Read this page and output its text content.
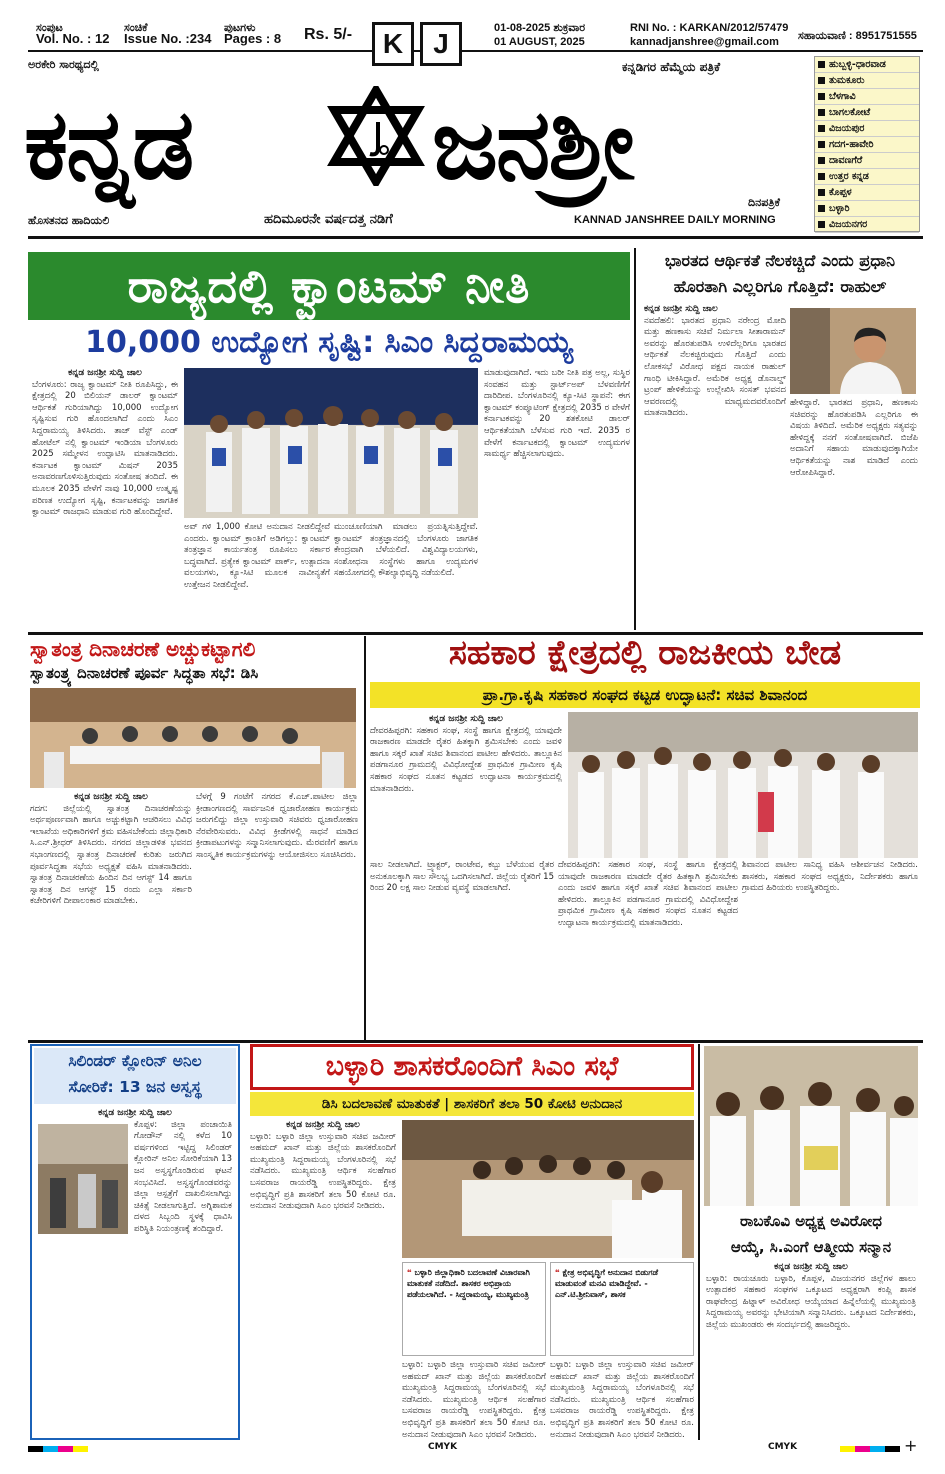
ಸಂಪುಟ
Vol. No. : 12
ಸಂಚಿಕೆ
Issue No. :234
ಪುಟಗಳು
Pages : 8 Rs. 5/-	01-08-2025 ಶುಕ್ರವಾರ
01 AUGUST, 2025
RNI No. : KARKAN/2012/57479
kannadjanshree@gmail.com ಸಹಾಯವಾಣಿ : 8951751555
K	J
ಅರಕೇರಿ ಸಾರಥ್ಯದಲ್ಲಿ	ಕನ್ನಡಿಗರ ಹೆಮ್ಮೆಯ ಪತ್ರಿಕೆ
ಕನ್ನಡ ಜನಶ್ರೀ
ದಿನಪತ್ರಿಕೆ
ಹೊಸತನದ ಹಾದಿಯಲಿ	ಹದಿಮೂರನೇ ವರ್ಷದತ್ತ ನಡಿಗೆ	KANNAD JANSHREE DAILY MORNING
ಹುಬ್ಬಳ್ಳಿ-ಧಾರವಾಡ
ತುಮಕೂರು
ಬೆಳಗಾವಿ
ಬಾಗಲಕೋಟೆ
ವಿಜಯಪುರ
ಗದಗ-ಹಾವೇರಿ
ದಾವಣಗೆರೆ
ಉತ್ತರ ಕನ್ನಡ
ಕೊಪ್ಪಳ
ಬಳ್ಳಾರಿ
ವಿಜಯನಗರ
ರಾಜ್ಯದಲ್ಲಿ ಕ್ವಾಂಟಮ್ ನೀತಿ
10,000 ಉದ್ಯೋಗ ಸೃಷ್ಟಿ: ಸಿಎಂ ಸಿದ್ದರಾಮಯ್ಯ
ಕನ್ನಡ ಜನಶ್ರೀ ಸುದ್ದಿ ಜಾಲ
ಬೆಂಗಳೂರು: ರಾಜ್ಯ ಕ್ವಾಂಟಮ್ ನೀತಿ ರೂಪಿಸಿದ್ದು, ಈ ಕ್ಷೇತ್ರದಲ್ಲಿ 20 ಬಿಲಿಯನ್ ಡಾಲರ್ ಕ್ವಾಂಟಮ್ ಆರ್ಥಿಕತೆ ಗುರಿಯಾಗಿದ್ದು 10,000 ಉದ್ಯೋಗ ಸೃಷ್ಟಿಸುವ ಗುರಿ ಹೊಂದಲಾಗಿದೆ ಎಂದು ಸಿಎಂ ಸಿದ್ದರಾಮಯ್ಯ ತಿಳಿಸಿದರು. ತಾಜ್ ವೆಸ್ಟ್ ಎಂಡ್ ಹೋಟೆಲ್ ನಲ್ಲಿ ಕ್ವಾಂಟಮ್ ಇಂಡಿಯಾ ಬೆಂಗಳೂರು 2025 ಸಮ್ಮೇಳನ ಉದ್ಘಾಟಿಸಿ ಮಾತನಾಡಿದರು. ಕರ್ನಾಟಕ ಕ್ವಾಂಟಮ್ ಮಿಷನ್ 2035 ಅನಾವರಣಗೊಳಿಸುತ್ತಿರುವುದು ಸಂತೋಷ ತಂದಿದೆ. ಈ ಮೂಲಕ 2035 ವೇಳೆಗೆ ನಾವು 10,000 ಉತ್ಕೃಷ್ಟ ಪರಿಣತ ಉದ್ಯೋಗ ಸೃಷ್ಟಿ, ಕರ್ನಾಟಕವನ್ನು ಜಾಗತಿಕ ಕ್ವಾಂಟಮ್ ರಾಜಧಾನಿ ಮಾಡುವ ಗುರಿ ಹೊಂದಿದ್ದೇವೆ.
ಅವ್ ಗಳಿ 1,000 ಕೋಟಿ ಅನುದಾನ ನೀಡಲಿದ್ದೇವೆ ಎಂದರು. ಕ್ವಾಂಟಮ್ ಕ್ರಾಂತಿಗೆ ಅಡಿಗಲ್ಲು: ಕ್ವಾಂಟಮ್ ತಂತ್ರಜ್ಞಾನ ಕಾರ್ಯತಂತ್ರ ರೂಪಿಸಲು ಸರ್ಕಾರ ಬದ್ಧವಾಗಿದೆ. ಪ್ರತ್ಯೇಕ ಕ್ವಾಂಟಮ್ ಪಾರ್ಕ್, ಉತ್ಪಾದನಾ ವಲಯಗಳು, ಕ್ಯೂ-ಸಿಟಿ ಮೂಲಕ ನಾವೀನ್ಯತೆಗೆ ಉತ್ತೇಜನ ನೀಡಲಿದ್ದೇವೆ.
ಮುಂಚೂಣಿಯಾಗಿ ಮಾಡಲು ಪ್ರಯತ್ನಿಸುತ್ತಿದ್ದೇವೆ. ಕ್ವಾಂಟಮ್ ತಂತ್ರಜ್ಞಾನದಲ್ಲಿ ಬೆಂಗಳೂರು ಜಾಗತಿಕ ಕೇಂದ್ರವಾಗಿ ಬೆಳೆಯಲಿದೆ. ವಿಶ್ವವಿದ್ಯಾಲಯಗಳು, ಸಂಶೋಧನಾ ಸಂಸ್ಥೆಗಳು ಹಾಗೂ ಉದ್ಯಮಗಳ ಸಹಯೋಗದಲ್ಲಿ ಕೌಶಲ್ಯಾಭಿವೃದ್ಧಿ ನಡೆಯಲಿದೆ.
ಮಾಡುವುದಾಗಿದೆ. ಇದು ಬರೀ ನೀತಿ ಪತ್ರ ಅಲ್ಲ, ಸುಸ್ಥಿರ ಸಂವಹನ ಮತ್ತು ಸ್ಟಾರ್ಟ್ಅಪ್ ಬೆಳವಣಿಗೆಗೆ ದಾರಿದೀಪ. ಬೆಂಗಳೂರಿನಲ್ಲಿ ಕ್ಯೂ-ಸಿಟಿ ಸ್ಥಾಪನೆ: ಈಗ ಕ್ವಾಂಟಮ್ ಕಂಪ್ಯೂಟಿಂಗ್ ಕ್ಷೇತ್ರದಲ್ಲಿ 2035 ರ ವೇಳೆಗೆ ಕರ್ನಾಟಕವನ್ನು 20 ಶತಕೋಟಿ ಡಾಲರ್ ಆರ್ಥಿಕತೆಯಾಗಿ ಬೆಳೆಸುವ ಗುರಿ ಇದೆ. 2035 ರ ವೇಳೆಗೆ ಕರ್ನಾಟಕದಲ್ಲಿ ಕ್ವಾಂಟಮ್ ಉದ್ಯಮಗಳ ಸಾಮರ್ಥ್ಯ ಹೆಚ್ಚಿಸಲಾಗುವುದು.
ಭಾರತದ ಆರ್ಥಿಕತೆ ನೆಲಕಚ್ಚಿದೆ ಎಂದು ಪ್ರಧಾನಿ ಹೊರತಾಗಿ ಎಲ್ಲರಿಗೂ ಗೊತ್ತಿದೆ: ರಾಹುಲ್
ಕನ್ನಡ ಜನಶ್ರೀ ಸುದ್ದಿ ಜಾಲ
ನವದೆಹಲಿ: ಭಾರತದ ಪ್ರಧಾನಿ ನರೇಂದ್ರ ಮೋದಿ ಮತ್ತು ಹಣಕಾಸು ಸಚಿವೆ ನಿರ್ಮಲಾ ಸೀತಾರಾಮನ್ ಅವರನ್ನು ಹೊರತುಪಡಿಸಿ ಉಳಿದೆಲ್ಲರಿಗೂ ಭಾರತದ ಆರ್ಥಿಕತೆ ನೆಲಕಚ್ಚಿರುವುದು ಗೊತ್ತಿದೆ ಎಂದು ಲೋಕಸಭೆ ವಿರೋಧ ಪಕ್ಷದ ನಾಯಕ ರಾಹುಲ್ ಗಾಂಧಿ ಟೀಕಿಸಿದ್ದಾರೆ. ಅಮೆರಿಕ ಅಧ್ಯಕ್ಷ ಡೊನಾಲ್ಡ್ ಟ್ರಂಪ್ ಹೇಳಿಕೆಯನ್ನು ಉಲ್ಲೇಖಿಸಿ ಸಂಸತ್ ಭವನದ ಆವರಣದಲ್ಲಿ ಮಾಧ್ಯಮದವರೊಂದಿಗೆ ಮಾತನಾಡಿದರು.
ಹೇಳಿದ್ದಾರೆ. ಭಾರತದ ಪ್ರಧಾನಿ, ಹಣಕಾಸು ಸಚಿವರನ್ನು ಹೊರತುಪಡಿಸಿ ಎಲ್ಲರಿಗೂ ಈ ವಿಷಯ ತಿಳಿದಿದೆ. ಅಮೆರಿಕ ಅಧ್ಯಕ್ಷರು ಸತ್ಯವನ್ನು ಹೇಳಿದ್ದಕ್ಕೆ ನನಗೆ ಸಂತೋಷವಾಗಿದೆ. ಬಿಜೆಪಿ ಅದಾನಿಗೆ ಸಹಾಯ ಮಾಡುವುದಕ್ಕಾಗಿಯೇ ಆರ್ಥಿಕತೆಯನ್ನು ನಾಶ ಮಾಡಿದೆ ಎಂದು ಆರೋಪಿಸಿದ್ದಾರೆ.
ಸ್ವಾತಂತ್ರ ದಿನಾಚರಣೆ ಅಚ್ಚುಕಟ್ಟಾಗಲಿ
ಸ್ವಾತಂತ್ರ್ಯ ದಿನಾಚರಣೆ ಪೂರ್ವ ಸಿದ್ಧತಾ ಸಭೆ: ಡಿಸಿ
ಕನ್ನಡ ಜನಶ್ರೀ ಸುದ್ದಿ ಜಾಲ
ಗದಗ: ಜಿಲ್ಲೆಯಲ್ಲಿ ಸ್ವಾತಂತ್ರ ದಿನಾಚರಣೆಯನ್ನು ಅರ್ಥಪೂರ್ಣವಾಗಿ ಹಾಗೂ ಅಚ್ಚುಕಟ್ಟಾಗಿ ಆಚರಿಸಲು ವಿವಿಧ ಇಲಾಖೆಯ ಅಧಿಕಾರಿಗಳಿಗೆ ಕ್ರಮ ವಹಿಸಬೇಕೆಂದು ಜಿಲ್ಲಾಧಿಕಾರಿ ಸಿ.ಎನ್.ಶ್ರೀಧರ್ ತಿಳಿಸಿದರು. ನಗರದ ಜಿಲ್ಲಾಡಳಿತ ಭವನದ ಸಭಾಂಗಣದಲ್ಲಿ ಸ್ವಾತಂತ್ರ ದಿನಾಚರಣೆ ಕುರಿತು ಜರುಗಿದ ಪೂರ್ವಸಿದ್ಧತಾ ಸಭೆಯ ಅಧ್ಯಕ್ಷತೆ ವಹಿಸಿ ಮಾತನಾಡಿದರು. ಸ್ವಾತಂತ್ರ ದಿನಾಚರಣೆಯ ಹಿಂದಿನ ದಿನ ಆಗಸ್ಟ್ 14 ಹಾಗೂ ಸ್ವಾತಂತ್ರ ದಿನ ಆಗಸ್ಟ್ 15 ರಂದು ಎಲ್ಲಾ ಸರ್ಕಾರಿ ಕಚೇರಿಗಳಿಗೆ ದೀಪಾಲಂಕಾರ ಮಾಡಬೇಕು.
ಬೆಳಗ್ಗೆ 9 ಗಂಟೆಗೆ ನಗರದ ಕೆ.ಎಚ್.ಪಾಟೀಲ ಜಿಲ್ಲಾ ಕ್ರೀಡಾಂಗಣದಲ್ಲಿ ಸಾರ್ವಜನಿಕ ಧ್ವಜಾರೋಹಣ ಕಾರ್ಯಕ್ರಮ ಜರುಗಲಿದ್ದು ಜಿಲ್ಲಾ ಉಸ್ತುವಾರಿ ಸಚಿವರು ಧ್ವಜಾರೋಹಣ ನೆರವೇರಿಸುವರು. ವಿವಿಧ ಕ್ರೀಡೆಗಳಲ್ಲಿ ಸಾಧನೆ ಮಾಡಿದ ಕ್ರೀಡಾಪಟುಗಳನ್ನು ಸನ್ಮಾನಿಸಲಾಗುವುದು. ಮೆರವಣಿಗೆ ಹಾಗೂ ಸಾಂಸ್ಕೃತಿಕ ಕಾರ್ಯಕ್ರಮಗಳನ್ನು ಆಯೋಜಿಸಲು ಸೂಚಿಸಿದರು.
ಸಹಕಾರ ಕ್ಷೇತ್ರದಲ್ಲಿ ರಾಜಕೀಯ ಬೇಡ
ಪ್ರಾ.ಗ್ರಾ.ಕೃಷಿ ಸಹಕಾರ ಸಂಘದ ಕಟ್ಟಡ ಉದ್ಘಾಟನೆ: ಸಚಿವ ಶಿವಾನಂದ
ಕನ್ನಡ ಜನಶ್ರೀ ಸುದ್ದಿ ಜಾಲ
ದೇವರಹಿಪ್ಪರಗಿ: ಸಹಕಾರ ಸಂಘ, ಸಂಸ್ಥೆ ಹಾಗೂ ಕ್ಷೇತ್ರದಲ್ಲಿ ಯಾವುದೇ ರಾಜಕಾರಣ ಮಾಡದೇ ರೈತರ ಹಿತಕ್ಕಾಗಿ ಶ್ರಮಿಸಬೇಕು ಎಂದು ಜವಳಿ ಹಾಗೂ ಸಕ್ಕರೆ ಖಾತೆ ಸಚಿವ ಶಿವಾನಂದ ಪಾಟೀಲ ಹೇಳಿದರು. ತಾಲ್ಲೂಕಿನ ಪಡಗಾನೂರ ಗ್ರಾಮದಲ್ಲಿ ವಿವಿಧೋದ್ದೇಶ ಪ್ರಾಥಮಿಕ ಗ್ರಾಮೀಣ ಕೃಷಿ ಸಹಕಾರ ಸಂಘದ ನೂತನ ಕಟ್ಟಡದ ಉದ್ಘಾಟನಾ ಕಾರ್ಯಕ್ರಮದಲ್ಲಿ ಮಾತನಾಡಿದರು.
ಸಾಲ ನೀಡಲಾಗಿದೆ. ಟ್ರ್ಯಾಕ್ಟರ್, ರಾಂಟೇವ, ಕಬ್ಬು ಬೆಳೆಯುವ ರೈತರ ಅನುಕೂಲಕ್ಕಾಗಿ ಸಾಲ ಸೌಲಭ್ಯ ಒದಗಿಸಲಾಗಿದೆ. ಜಿಲ್ಲೆಯ ರೈತರಿಗೆ 15 ರಿಂದ 20 ಲಕ್ಷ ಸಾಲ ನೀಡುವ ವ್ಯವಸ್ಥೆ ಮಾಡಲಾಗಿದೆ.
ದೇವರಹಿಪ್ಪರಗಿ: ಸಹಕಾರ ಸಂಘ, ಸಂಸ್ಥೆ ಹಾಗೂ ಕ್ಷೇತ್ರದಲ್ಲಿ ಯಾವುದೇ ರಾಜಕಾರಣ ಮಾಡದೇ ರೈತರ ಹಿತಕ್ಕಾಗಿ ಶ್ರಮಿಸಬೇಕು ಎಂದು ಜವಳಿ ಹಾಗೂ ಸಕ್ಕರೆ ಖಾತೆ ಸಚಿವ ಶಿವಾನಂದ ಪಾಟೀಲ ಹೇಳಿದರು. ತಾಲ್ಲೂಕಿನ ಪಡಗಾನೂರ ಗ್ರಾಮದಲ್ಲಿ ವಿವಿಧೋದ್ದೇಶ ಪ್ರಾಥಮಿಕ ಗ್ರಾಮೀಣ ಕೃಷಿ ಸಹಕಾರ ಸಂಘದ ನೂತನ ಕಟ್ಟಡದ ಉದ್ಘಾಟನಾ ಕಾರ್ಯಕ್ರಮದಲ್ಲಿ ಮಾತನಾಡಿದರು.
ಶಿವಾನಂದ ಪಾಟೀಲ ಸಾನಿಧ್ಯ ವಹಿಸಿ ಆಶೀರ್ವಚನ ನೀಡಿದರು. ಶಾಸಕರು, ಸಹಕಾರ ಸಂಘದ ಅಧ್ಯಕ್ಷರು, ನಿರ್ದೇಶಕರು ಹಾಗೂ ಗ್ರಾಮದ ಹಿರಿಯರು ಉಪಸ್ಥಿತರಿದ್ದರು.
ಸಿಲಿಂಡರ್ ಕ್ಲೋರಿನ್ ಅನಿಲ
ಸೋರಿಕೆ: 13 ಜನ ಅಸ್ವಸ್ಥ
ಕನ್ನಡ ಜನಶ್ರೀ ಸುದ್ದಿ ಜಾಲ
ಕೊಪ್ಪಳ: ಜಿಲ್ಲಾ ಪಂಚಾಯಿತಿ ಗೋಡೌನ್ ನಲ್ಲಿ ಕಳೆದ 10 ವರ್ಷಗಳಿಂದ ಇಟ್ಟಿದ್ದ ಸಿಲಿಂಡರ್ ಕ್ಲೋರಿನ್ ಅನಿಲ ಸೋರಿಕೆಯಾಗಿ 13 ಜನ ಅಸ್ವಸ್ಥಗೊಂಡಿರುವ ಘಟನೆ ಸಂಭವಿಸಿದೆ. ಅಸ್ವಸ್ಥಗೊಂಡವರನ್ನು ಜಿಲ್ಲಾ ಆಸ್ಪತ್ರೆಗೆ ದಾಖಲಿಸಲಾಗಿದ್ದು ಚಿಕಿತ್ಸೆ ನೀಡಲಾಗುತ್ತಿದೆ. ಅಗ್ನಿಶಾಮಕ ದಳದ ಸಿಬ್ಬಂದಿ ಸ್ಥಳಕ್ಕೆ ಧಾವಿಸಿ ಪರಿಸ್ಥಿತಿ ನಿಯಂತ್ರಣಕ್ಕೆ ತಂದಿದ್ದಾರೆ.
ಬಳ್ಳಾರಿ ಶಾಸಕರೊಂದಿಗೆ ಸಿಎಂ ಸಭೆ
ಡಿಸಿ ಬದಲಾವಣೆ ಮಾತುಕತೆ | ಶಾಸಕರಿಗೆ ತಲಾ 50 ಕೋಟಿ ಅನುದಾನ
ಕನ್ನಡ ಜನಶ್ರೀ ಸುದ್ದಿ ಜಾಲ
ಬಳ್ಳಾರಿ: ಬಳ್ಳಾರಿ ಜಿಲ್ಲಾ ಉಸ್ತುವಾರಿ ಸಚಿವ ಜಮೀರ್ ಅಹಮದ್ ಖಾನ್ ಮತ್ತು ಜಿಲ್ಲೆಯ ಶಾಸಕರೊಂದಿಗೆ ಮುಖ್ಯಮಂತ್ರಿ ಸಿದ್ದರಾಮಯ್ಯ ಬೆಂಗಳೂರಿನಲ್ಲಿ ಸಭೆ ನಡೆಸಿದರು. ಮುಖ್ಯಮಂತ್ರಿ ಆರ್ಥಿಕ ಸಲಹೆಗಾರ ಬಸವರಾಜ ರಾಯರೆಡ್ಡಿ ಉಪಸ್ಥಿತರಿದ್ದರು. ಕ್ಷೇತ್ರ ಅಭಿವೃದ್ಧಿಗೆ ಪ್ರತಿ ಶಾಸಕರಿಗೆ ತಲಾ 50 ಕೋಟಿ ರೂ. ಅನುದಾನ ನೀಡುವುದಾಗಿ ಸಿಎಂ ಭರವಸೆ ನೀಡಿದರು.
❝ ಬಳ್ಳಾರಿ ಜಿಲ್ಲಾಧಿಕಾರಿ ಬದಲಾವಣೆ ವಿಚಾರವಾಗಿ ಮಾತುಕತೆ ನಡೆದಿದೆ. ಶಾಸಕರ ಅಭಿಪ್ರಾಯ ಪಡೆಯಲಾಗಿದೆ. - ಸಿದ್ದರಾಮಯ್ಯ, ಮುಖ್ಯಮಂತ್ರಿ
❝ ಕ್ಷೇತ್ರ ಅಭಿವೃದ್ಧಿಗೆ ಅನುದಾನ ಬಿಡುಗಡೆ ಮಾಡುವಂತೆ ಮನವಿ ಮಾಡಿದ್ದೇವೆ. - ಎನ್.ಟಿ.ಶ್ರೀನಿವಾಸ್, ಶಾಸಕ
ಬಳ್ಳಾರಿ: ಬಳ್ಳಾರಿ ಜಿಲ್ಲಾ ಉಸ್ತುವಾರಿ ಸಚಿವ ಜಮೀರ್ ಅಹಮದ್ ಖಾನ್ ಮತ್ತು ಜಿಲ್ಲೆಯ ಶಾಸಕರೊಂದಿಗೆ ಮುಖ್ಯಮಂತ್ರಿ ಸಿದ್ದರಾಮಯ್ಯ ಬೆಂಗಳೂರಿನಲ್ಲಿ ಸಭೆ ನಡೆಸಿದರು. ಮುಖ್ಯಮಂತ್ರಿ ಆರ್ಥಿಕ ಸಲಹೆಗಾರ ಬಸವರಾಜ ರಾಯರೆಡ್ಡಿ ಉಪಸ್ಥಿತರಿದ್ದರು. ಕ್ಷೇತ್ರ ಅಭಿವೃದ್ಧಿಗೆ ಪ್ರತಿ ಶಾಸಕರಿಗೆ ತಲಾ 50 ಕೋಟಿ ರೂ. ಅನುದಾನ ನೀಡುವುದಾಗಿ ಸಿಎಂ ಭರವಸೆ ನೀಡಿದರು.
ಬಳ್ಳಾರಿ: ಬಳ್ಳಾರಿ ಜಿಲ್ಲಾ ಉಸ್ತುವಾರಿ ಸಚಿವ ಜಮೀರ್ ಅಹಮದ್ ಖಾನ್ ಮತ್ತು ಜಿಲ್ಲೆಯ ಶಾಸಕರೊಂದಿಗೆ ಮುಖ್ಯಮಂತ್ರಿ ಸಿದ್ದರಾಮಯ್ಯ ಬೆಂಗಳೂರಿನಲ್ಲಿ ಸಭೆ ನಡೆಸಿದರು. ಮುಖ್ಯಮಂತ್ರಿ ಆರ್ಥಿಕ ಸಲಹೆಗಾರ ಬಸವರಾಜ ರಾಯರೆಡ್ಡಿ ಉಪಸ್ಥಿತರಿದ್ದರು. ಕ್ಷೇತ್ರ ಅಭಿವೃದ್ಧಿಗೆ ಪ್ರತಿ ಶಾಸಕರಿಗೆ ತಲಾ 50 ಕೋಟಿ ರೂ. ಅನುದಾನ ನೀಡುವುದಾಗಿ ಸಿಎಂ ಭರವಸೆ ನೀಡಿದರು.
ರಾಬಕೊವಿ ಅಧ್ಯಕ್ಷ ಅವಿರೋಧ
ಆಯ್ಕೆ, ಸಿ.ಎಂಗೆ ಆತ್ಮೀಯ ಸನ್ಮಾನ
ಕನ್ನಡ ಜನಶ್ರೀ ಸುದ್ದಿ ಜಾಲ
ಬಳ್ಳಾರಿ: ರಾಯಚೂರು ಬಳ್ಳಾರಿ, ಕೊಪ್ಪಳ, ವಿಜಯನಗರ ಜಿಲ್ಲೆಗಳ ಹಾಲು ಉತ್ಪಾದಕರ ಸಹಕಾರ ಸಂಘಗಳ ಒಕ್ಕೂಟದ ಅಧ್ಯಕ್ಷರಾಗಿ ಕಂಪ್ಲಿ ಶಾಸಕ ರಾಘವೇಂದ್ರ ಹಿಟ್ನಾಳ್ ಅವಿರೋಧ ಆಯ್ಕೆಯಾದ ಹಿನ್ನೆಲೆಯಲ್ಲಿ ಮುಖ್ಯಮಂತ್ರಿ ಸಿದ್ದರಾಮಯ್ಯ ಅವರನ್ನು ಭೇಟಿಯಾಗಿ ಸನ್ಮಾನಿಸಿದರು. ಒಕ್ಕೂಟದ ನಿರ್ದೇಶಕರು, ಜಿಲ್ಲೆಯ ಮುಖಂಡರು ಈ ಸಂದರ್ಭದಲ್ಲಿ ಹಾಜರಿದ್ದರು.
CMYK	CMYK	+
